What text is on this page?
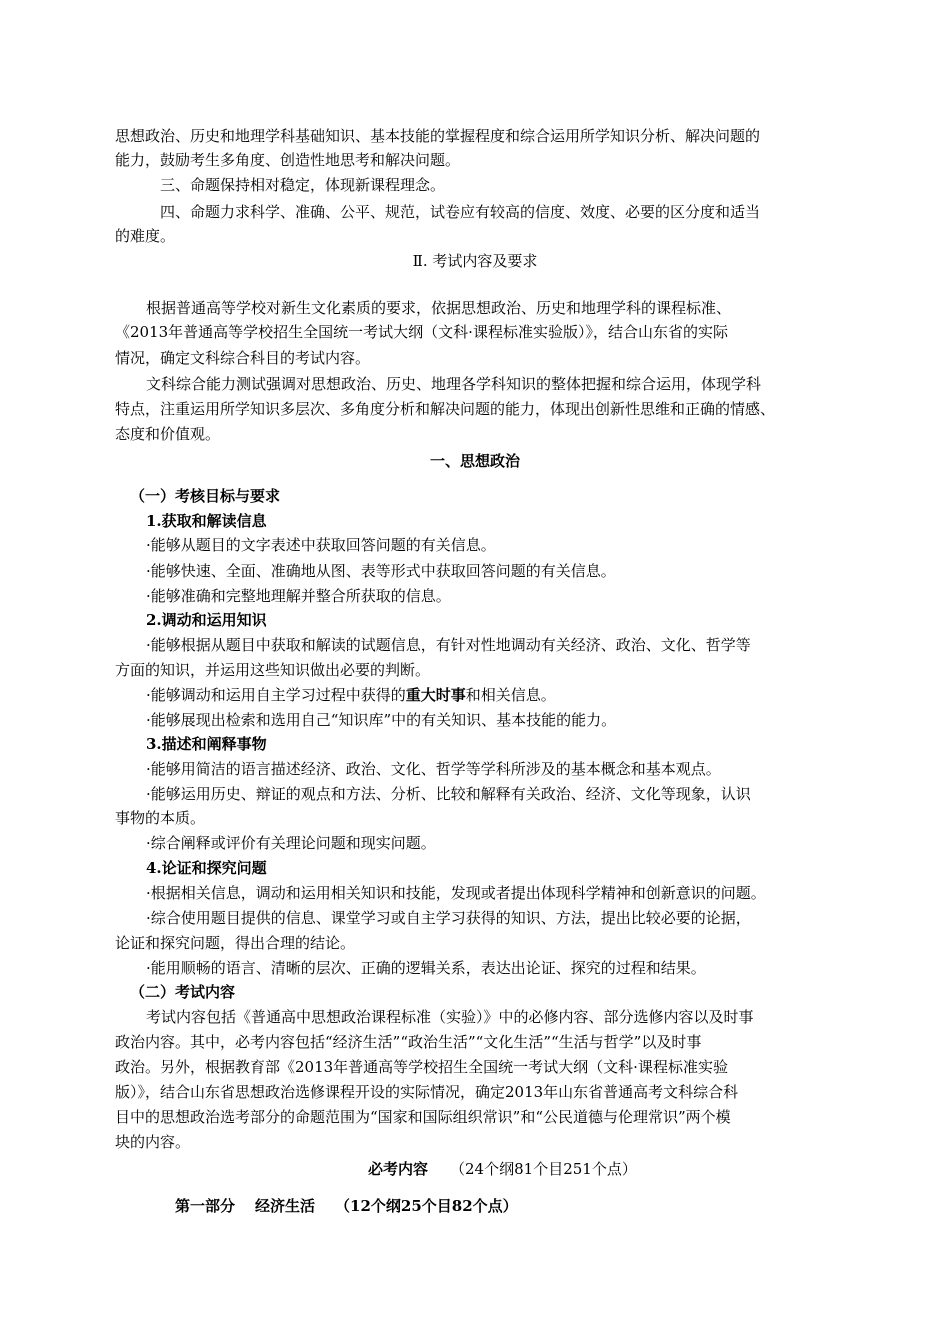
思想政治、历史和地理学科基础知识、基本技能的掌握程度和综合运用所学知识分析、解决问题的
能力，鼓励考生多角度、创造性地思考和解决问题。
三、命题保持相对稳定，体现新课程理念。
四、命题力求科学、准确、公平、规范，试卷应有较高的信度、效度、必要的区分度和适当
的难度。
Ⅱ. 考试内容及要求
根据普通高等学校对新生文化素质的要求，依据思想政治、历史和地理学科的课程标准、
《2013年普通高等学校招生全国统一考试大纲（文科·课程标准实验版）》，结合山东省的实际
情况，确定文科综合科目的考试内容。
文科综合能力测试强调对思想政治、历史、地理各学科知识的整体把握和综合运用，体现学科
特点，注重运用所学知识多层次、多角度分析和解决问题的能力，体现出创新性思维和正确的情感、
态度和价值观。
一、思想政治
（一）考核目标与要求
1.获取和解读信息
·能够从题目的文字表述中获取回答问题的有关信息。
·能够快速、全面、准确地从图、表等形式中获取回答问题的有关信息。
·能够准确和完整地理解并整合所获取的信息。
2.调动和运用知识
·能够根据从题目中获取和解读的试题信息，有针对性地调动有关经济、政治、文化、哲学等
方面的知识，并运用这些知识做出必要的判断。
·能够调动和运用自主学习过程中获得的重大时事和相关信息。
·能够展现出检索和选用自己“知识库”中的有关知识、基本技能的能力。
3.描述和阐释事物
·能够用简洁的语言描述经济、政治、文化、哲学等学科所涉及的基本概念和基本观点。
·能够运用历史、辩证的观点和方法、分析、比较和解释有关政治、经济、文化等现象，认识
事物的本质。
·综合阐释或评价有关理论问题和现实问题。
4.论证和探究问题
·根据相关信息，调动和运用相关知识和技能，发现或者提出体现科学精神和创新意识的问题。
·综合使用题目提供的信息、课堂学习或自主学习获得的知识、方法，提出比较必要的论据，
论证和探究问题，得出合理的结论。
·能用顺畅的语言、清晰的层次、正确的逻辑关系，表达出论证、探究的过程和结果。
（二）考试内容
考试内容包括《普通高中思想政治课程标准（实验）》中的必修内容、部分选修内容以及时事
政治内容。其中，必考内容包括“经济生活”“政治生活”“文化生活”“生活与哲学”以及时事
政治。另外，根据教育部《2013年普通高等学校招生全国统一考试大纲（文科·课程标准实验
版）》，结合山东省思想政治选修课程开设的实际情况，确定2013年山东省普通高考文科综合科
目中的思想政治选考部分的命题范围为“国家和国际组织常识”和“公民道德与伦理常识”两个模
块的内容。
必考内容 （24个纲81个目251个点）
第一部分 经济生活 （12个纲25个目82个点）
